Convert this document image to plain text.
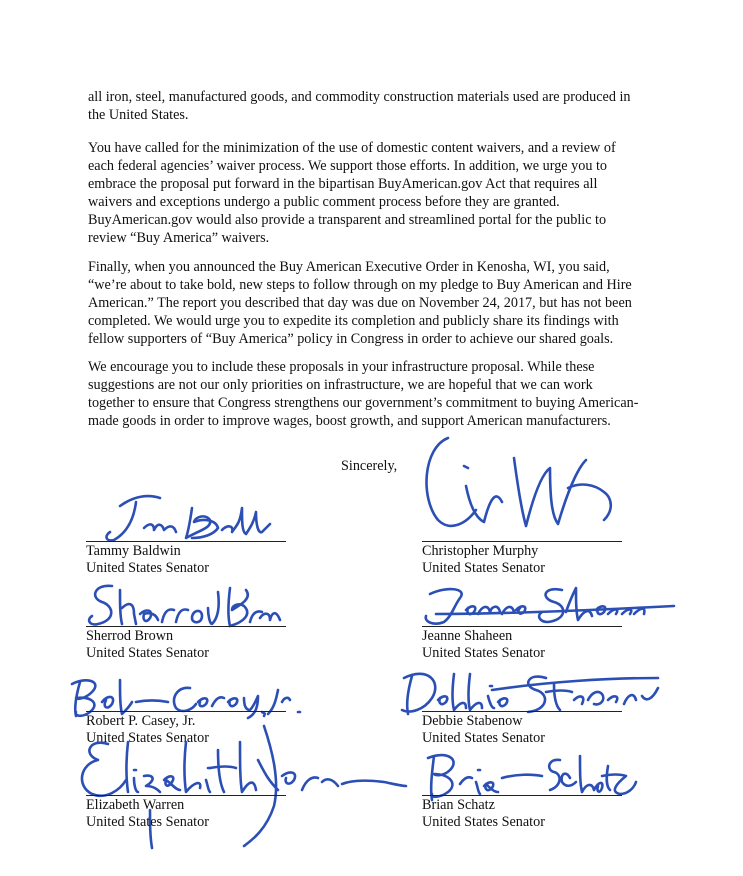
all iron, steel, manufactured goods, and commodity construction materials used are produced in
the United States.

You have called for the minimization of the use of domestic content waivers, and a review of
each federal agencies’ waiver process. We support those efforts. In addition, we urge you to
embrace the proposal put forward in the bipartisan BuyAmerican.gov Act that requires all
waivers and exceptions undergo a public comment process before they are granted.
BuyAmerican.gov would also provide a transparent and streamlined portal for the public to
review “Buy America” waivers.

Finally, when you announced the Buy American Executive Order in Kenosha, WI, you said,
“we’re about to take bold, new steps to follow through on my pledge to Buy American and Hire
American.” The report you described that day was due on November 24, 2017, but has not been
completed. We would urge you to expedite its completion and publicly share its findings with
fellow supporters of “Buy America” policy in Congress in order to achieve our shared goals.

We encourage you to include these proposals in your infrastructure proposal. While these
suggestions are not our only priorities on infrastructure, we are hopeful that we can work
together to ensure that Congress strengthens our government’s commitment to buying American-
made goods in order to improve wages, boost growth, and support American manufacturers.

Sincerely,
Christopher Murphy
United States Senator
Tammy Baldwin
United States Senator
Sherrod Brown
United States Senator
Jeanne Shaheen
United States Senator
Robert P. Casey, Jr.
United States Senator
Debbie Stabenow
United States Senator
Elizabeth Warren
United States Senator
Brian Schatz
United States Senator
